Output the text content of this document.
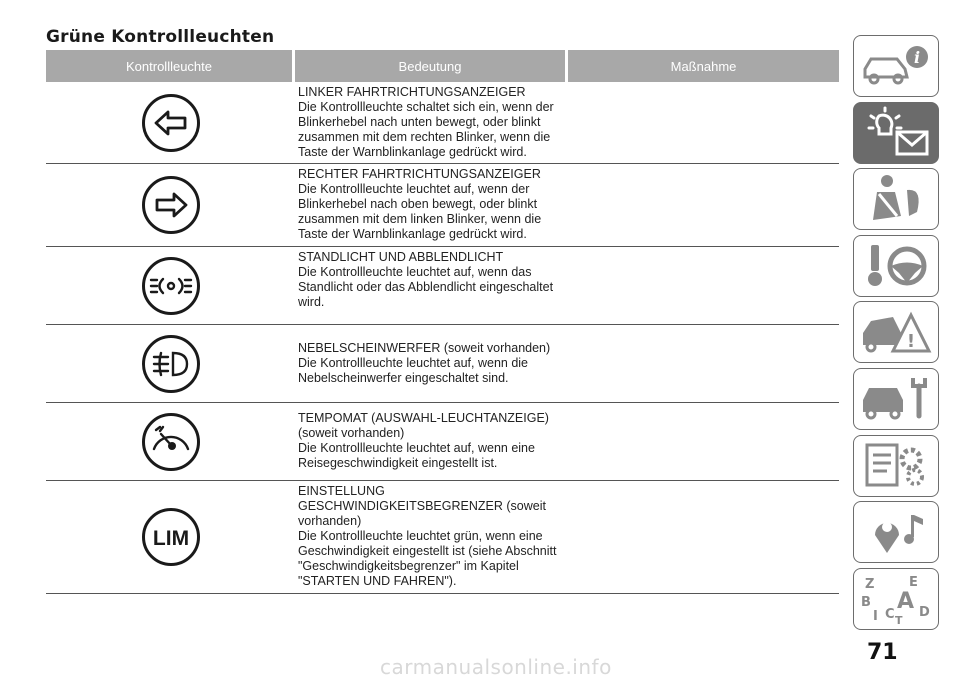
Grüne Kontrollleuchten
Kontrollleuchte	Bedeutung	Maßnahme
LINKER FAHRTRICHTUNGSANZEIGER
Die Kontrollleuchte schaltet sich ein, wenn der
Blinkerhebel nach unten bewegt, oder blinkt
zusammen mit dem rechten Blinker, wenn die
Taste der Warnblinkanlage gedrückt wird.
RECHTER FAHRTRICHTUNGSANZEIGER
Die Kontrollleuchte leuchtet auf, wenn der
Blinkerhebel nach oben bewegt, oder blinkt
zusammen mit dem linken Blinker, wenn die
Taste der Warnblinkanlage gedrückt wird.
STANDLICHT UND ABBLENDLICHT
Die Kontrollleuchte leuchtet auf, wenn das
Standlicht oder das Abblendlicht eingeschaltet
wird.
NEBELSCHEINWERFER (soweit vorhanden)
Die Kontrollleuchte leuchtet auf, wenn die
Nebelscheinwerfer eingeschaltet sind.
TEMPOMAT (AUSWAHL-LEUCHTANZEIGE)
(soweit vorhanden)
Die Kontrollleuchte leuchtet auf, wenn eine
Reisegeschwindigkeit eingestellt ist.
LIM
EINSTELLUNG
GESCHWINDIGKEITSBEGRENZER (soweit
vorhanden)
Die Kontrollleuchte leuchtet grün, wenn eine
Geschwindigkeit eingestellt ist (siehe Abschnitt
"Geschwindigkeitsbegrenzer" im Kapitel
"STARTEN UND FAHREN").
i
!
Z	E
B A
I C D
T
71
carmanualsonline.info
